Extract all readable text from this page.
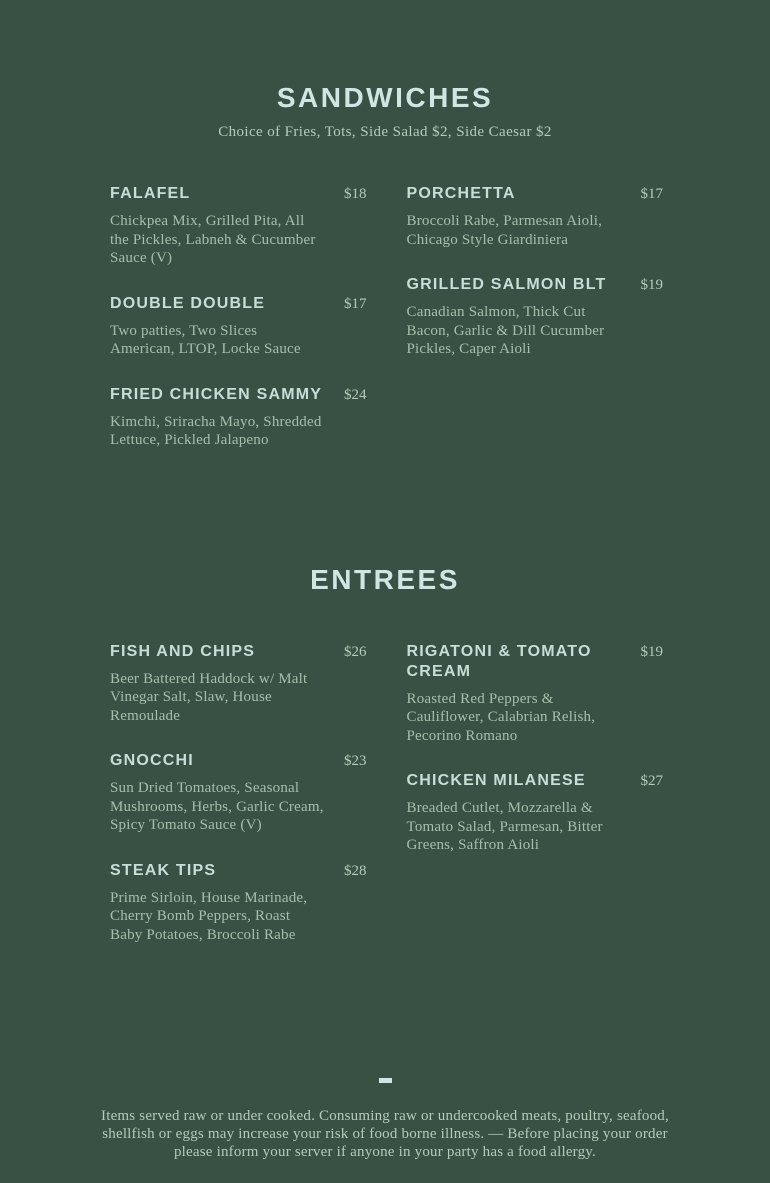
SANDWICHES

Choice of Fries, Tots, Side Salad $2, Side Caesar $2

FALAFEL	$18

Chickpea Mix, Grilled Pita, All the Pickles, Labneh & Cucumber Sauce (V)

DOUBLE DOUBLE	$17

Two patties, Two Slices American, LTOP, Locke Sauce

FRIED CHICKEN SAMMY	$24

Kimchi, Sriracha Mayo, Shredded Lettuce, Pickled Jalapeno

PORCHETTA	$17

Broccoli Rabe, Parmesan Aioli, Chicago Style Giardiniera

GRILLED SALMON BLT	$19

Canadian Salmon, Thick Cut Bacon, Garlic & Dill Cucumber Pickles, Caper Aioli

ENTREES
FISH AND CHIPS	$26

Beer Battered Haddock w/ Malt Vinegar Salt, Slaw, House Remoulade

GNOCCHI	$23

Sun Dried Tomatoes, Seasonal Mushrooms, Herbs, Garlic Cream, Spicy Tomato Sauce (V)

STEAK TIPS	$28

Prime Sirloin, House Marinade, Cherry Bomb Peppers, Roast Baby Potatoes, Broccoli Rabe

RIGATONI & TOMATO CREAM
$19

Roasted Red Peppers & Cauliflower, Calabrian Relish, Pecorino Romano

CHICKEN MILANESE	$27

Breaded Cutlet, Mozzarella & Tomato Salad, Parmesan, Bitter Greens, Saffron Aioli

Items served raw or under cooked. Consuming raw or undercooked meats, poultry, seafood, shellfish or eggs may increase your risk of food borne illness. — Before placing your order please inform your server if anyone in your party has a food allergy.
